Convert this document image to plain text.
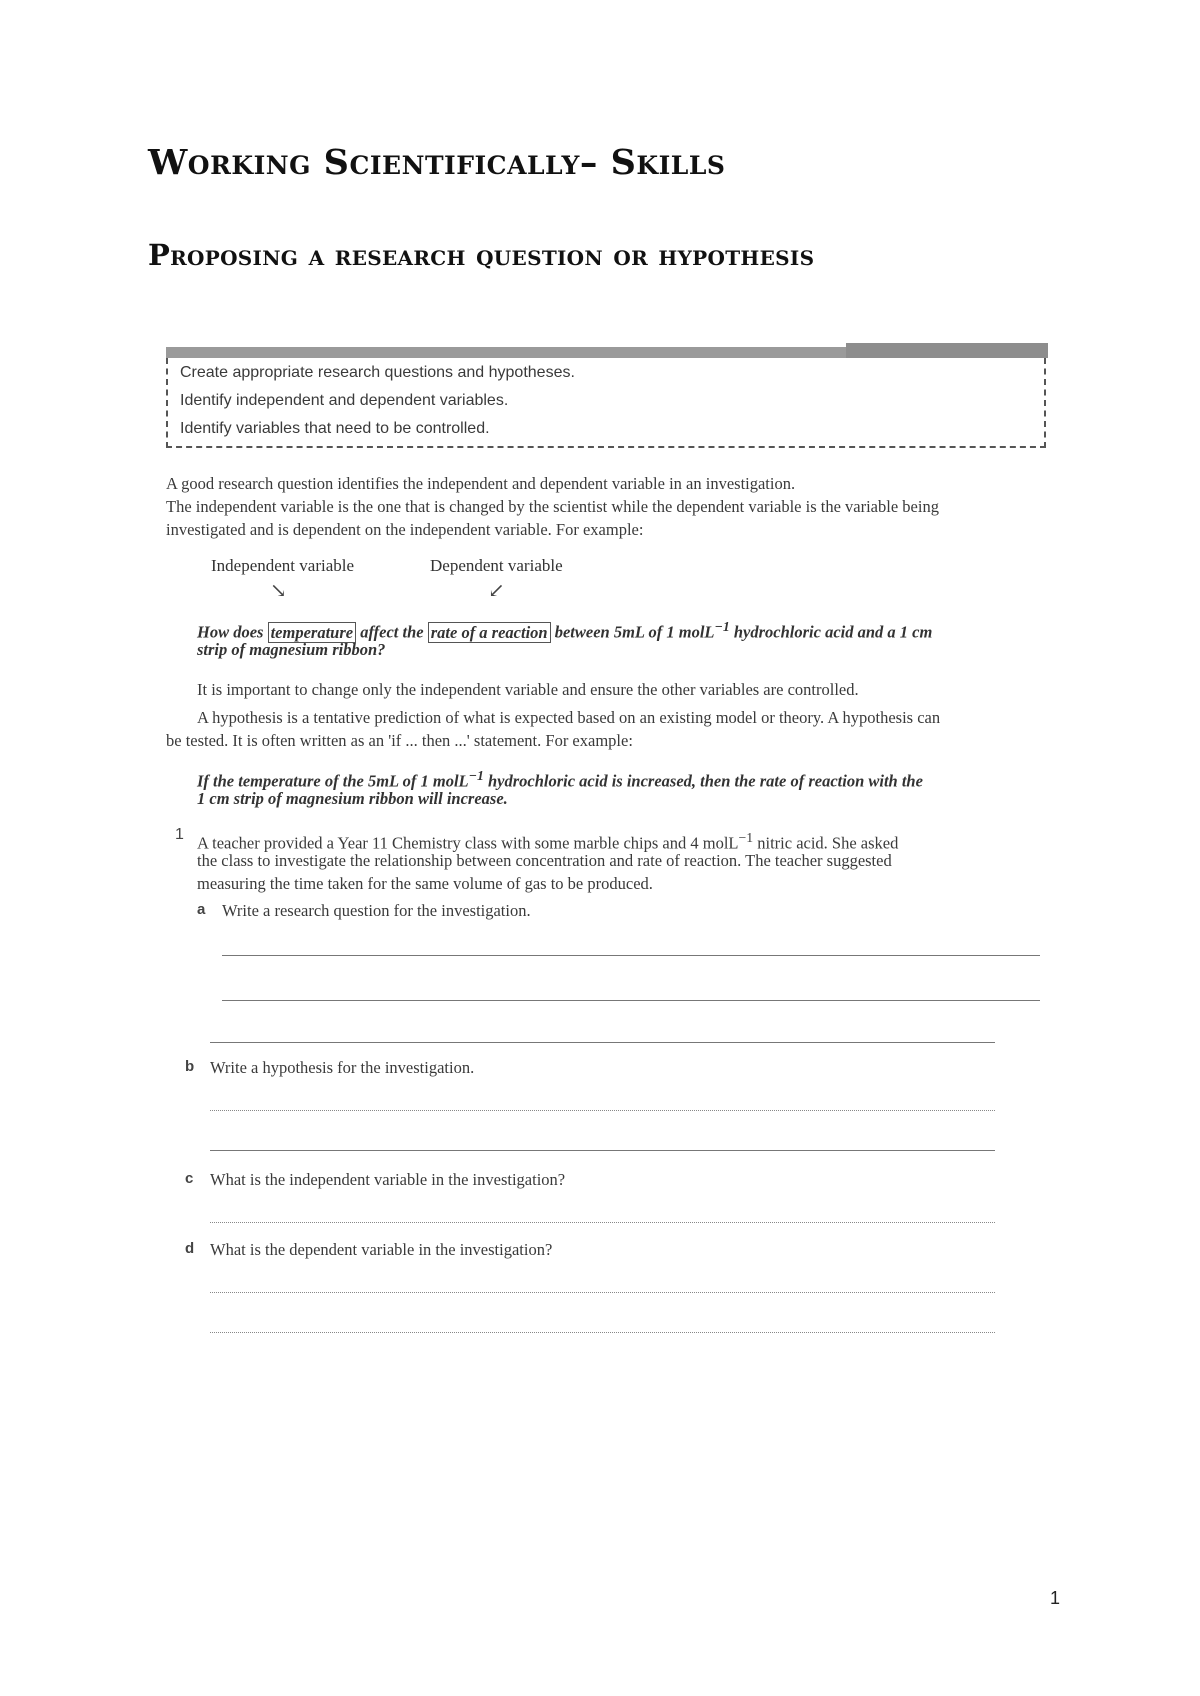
Working Scientifically– Skills
Proposing a research question or hypothesis
Create appropriate research questions and hypotheses.
Identify independent and dependent variables.
Identify variables that need to be controlled.
A good research question identifies the independent and dependent variable in an investigation.
The independent variable is the one that is changed by the scientist while the dependent variable is the variable being
investigated and is dependent on the independent variable. For example:
Independent variable	Dependent variable
↘	↙
How does temperature affect the rate of a reaction between 5mL of 1 molL$^{-1}$ hydrochloric acid and a 1 cm
strip of magnesium ribbon?
It is important to change only the independent variable and ensure the other variables are controlled.
A hypothesis is a tentative prediction of what is expected based on an existing model or theory. A hypothesis can
be tested. It is often written as an 'if ... then ...' statement. For example:
If the temperature of the 5mL of 1 molL$^{-1}$ hydrochloric acid is increased, then the rate of reaction with the
1 cm strip of magnesium ribbon will increase.
1 A teacher provided a Year 11 Chemistry class with some marble chips and 4 molL$^{-1}$ nitric acid. She asked
the class to investigate the relationship between concentration and rate of reaction. The teacher suggested
measuring the time taken for the same volume of gas to be produced.
a Write a research question for the investigation.
b Write a hypothesis for the investigation.
c What is the independent variable in the investigation?
d What is the dependent variable in the investigation?
1
